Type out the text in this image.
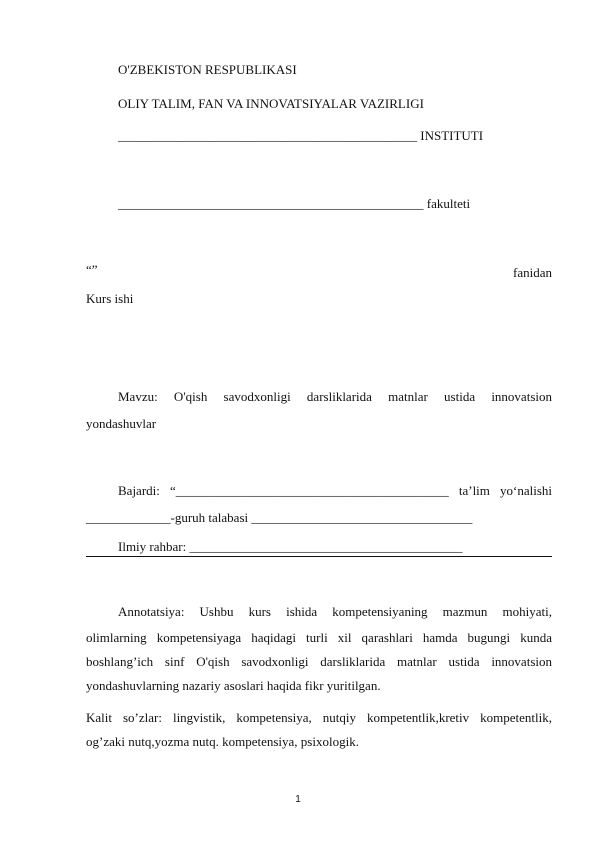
O'ZBEKISTON RESPUBLIKASI
OLIY TALIM, FAN VA INNOVATSIYALAR VAZIRLIGI
______________________________________________ INSTITUTI
_______________________________________________ fakulteti
“”	fanidan
Kurs ishi
Mavzu: O'qish savodxonligi darsliklarida matnlar ustida innovatsion
yondashuvlar
Bajardi: “__________________________________________ ta’lim yo‘nalishi
_____________-guruh talabasi __________________________________
Ilmiy rahbar: __________________________________________
Annotatsiya: Ushbu kurs ishida kompetensiyaning mazmun mohiyati,
olimlarning kompetensiyaga haqidagi turli xil qarashlari hamda bugungi kunda
boshlang’ich sinf O'qish savodxonligi darsliklarida matnlar ustida innovatsion
yondashuvlarning nazariy asoslari haqida fikr yuritilgan.
Kalit so’zlar: lingvistik, kompetensiya, nutqiy kompetentlik,kretiv kompetentlik,
og’zaki nutq,yozma nutq. kompetensiya, psixologik.
1
